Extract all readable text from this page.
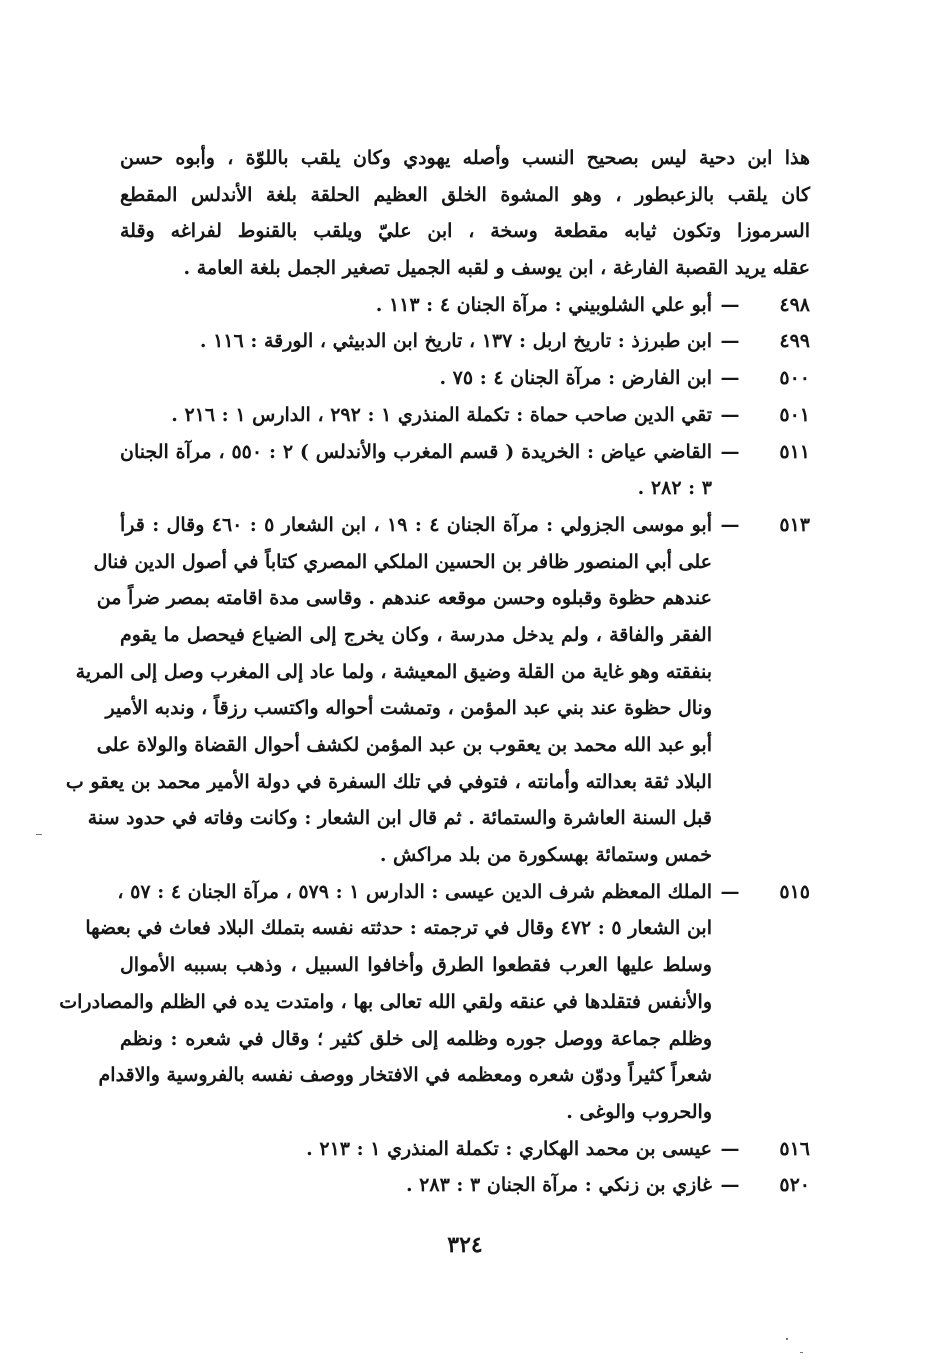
هذا ابن دحية ليس بصحيح النسب وأصله يهودي وكان يلقب باللوّة ، وأبوه حسن
كان يلقب بالزعبطور ، وهو المشوة الخلق العظيم الحلقة بلغة الأندلس المقطع
السرموزا وتكون ثيابه مقطعة وسخة ، ابن عليّ ويلقب بالقنوط لفراغه وقلة
عقله يريد القصبة الفارغة ، ابن يوسف و لقبه الجميل تصغير الجمل بلغة العامة .
٤٩٨
—
أبو علي الشلوبيني : مرآة الجنان ٤ : ١١٣ .
٤٩٩
—
ابن طبرزذ : تاريخ اربل : ١٣٧ ، تاريخ ابن الدبيثي ، الورقة : ١١٦ .
٥٠٠
—
ابن الفارض : مرآة الجنان ٤ : ٧٥ .
٥٠١
—
تقي الدين صاحب حماة : تكملة المنذري ١ : ٢٩٢ ، الدارس ١ : ٢١٦ .
٥١١
—
القاضي عياض : الخريدة ( قسم المغرب والأندلس ) ٢ : ٥٥٠ ، مرآة الجنان
٣ : ٢٨٢ .
٥١٣
—
أبو موسى الجزولي : مرآة الجنان ٤ : ١٩ ، ابن الشعار ٥ : ٤٦٠ وقال : قرأ
على أبي المنصور ظافر بن الحسين الملكي المصري كتاباً في أصول الدين فنال
عندهم حظوة وقبلوه وحسن موقعه عندهم . وقاسى مدة اقامته بمصر ضراً من
الفقر والفاقة ، ولم يدخل مدرسة ، وكان يخرج إلى الضياع فيحصل ما يقوم
بنفقته وهو غاية من القلة وضيق المعيشة ، ولما عاد إلى المغرب وصل إلى المرية
ونال حظوة عند بني عبد المؤمن ، وتمشت أحواله واكتسب رزقاً ، وندبه الأمير
أبو عبد الله محمد بن يعقوب بن عبد المؤمن لكشف أحوال القضاة والولاة على
البلاد ثقة بعدالته وأمانته ، فتوفي في تلك السفرة في دولة الأمير محمد بن يعقو ب
قبل السنة العاشرة والستمائة . ثم قال ابن الشعار : وكانت وفاته في حدود سنة
خمس وستمائة بهسكورة من بلد مراكش .
٥١٥
—
الملك المعظم شرف الدين عيسى : الدارس ١ : ٥٧٩ ، مرآة الجنان ٤ : ٥٧ ،
ابن الشعار ٥ : ٤٧٢ وقال في ترجمته : حدثته نفسه بتملك البلاد فعاث في بعضها
وسلط عليها العرب فقطعوا الطرق وأخافوا السبيل ، وذهب بسببه الأموال
والأنفس فتقلدها في عنقه ولقي الله تعالى بها ، وامتدت يده في الظلم والمصادرات
وظلم جماعة ووصل جوره وظلمه إلى خلق كثير ؛ وقال في شعره : ونظم
شعراً كثيراً ودوّن شعره ومعظمه في الافتخار ووصف نفسه بالفروسية والاقدام
والحروب والوغى .
٥١٦
—
عيسى بن محمد الهكاري : تكملة المنذري ١ : ٢١٣ .
٥٢٠
—
غازي بن زنكي : مرآة الجنان ٣ : ٢٨٣ .
٣٢٤
